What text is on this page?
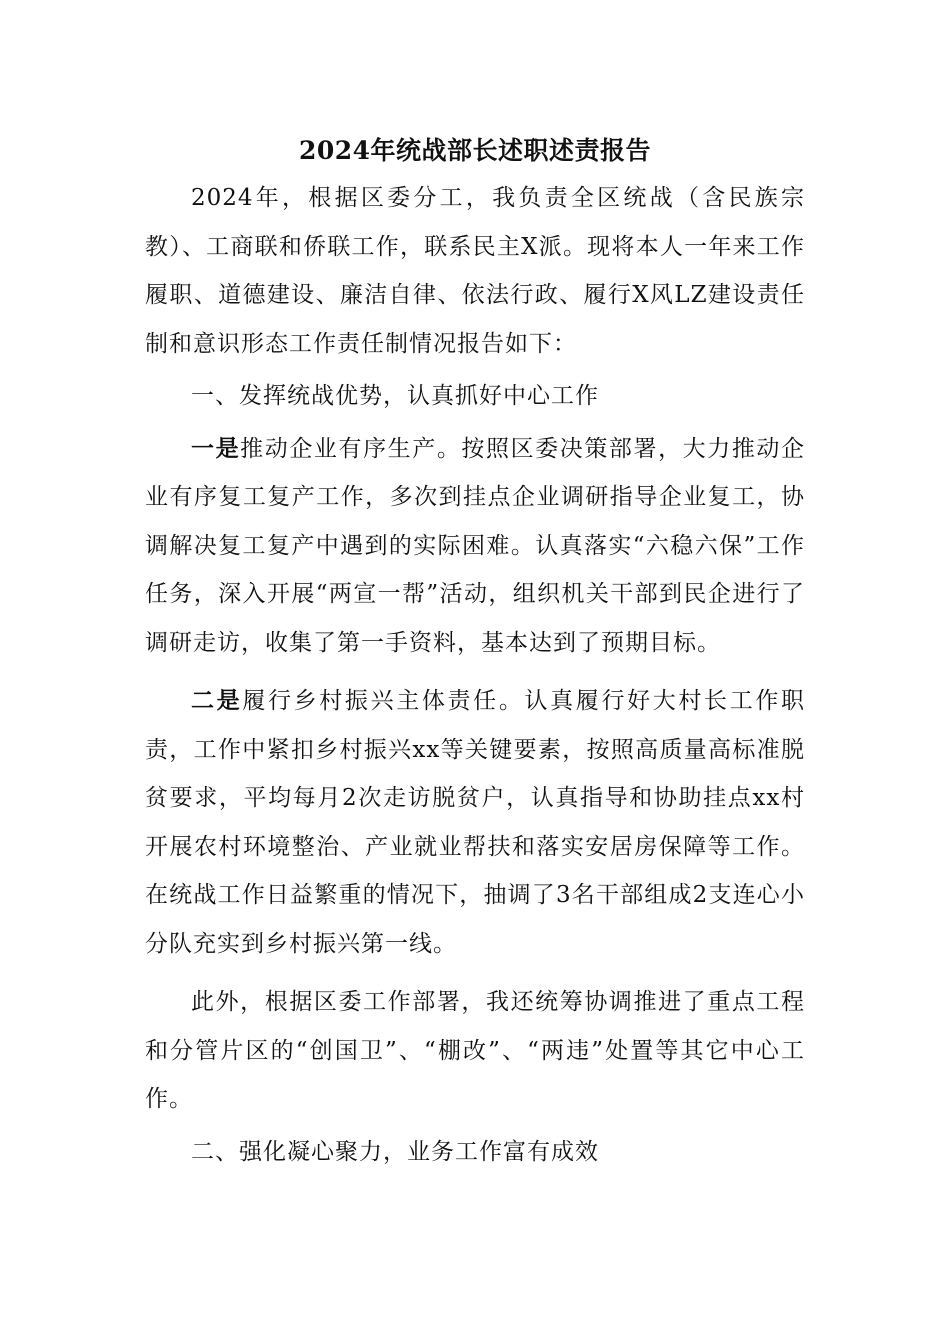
2024年统战部长述职述责报告

2024年，根据区委分工，我负责全区统战（含民族宗教）、工商联和侨联工作，联系民主X派。现将本人一年来工作履职、道德建设、廉洁自律、依法行政、履行X风LZ建设责任制和意识形态工作责任制情况报告如下：

一、发挥统战优势，认真抓好中心工作

一是推动企业有序生产。按照区委决策部署，大力推动企业有序复工复产工作，多次到挂点企业调研指导企业复工，协调解决复工复产中遇到的实际困难。认真落实“六稳六保”工作任务，深入开展“两宣一帮”活动，组织机关干部到民企进行了调研走访，收集了第一手资料，基本达到了预期目标。

二是履行乡村振兴主体责任。认真履行好大村长工作职责，工作中紧扣乡村振兴xx等关键要素，按照高质量高标准脱贫要求，平均每月2次走访脱贫户，认真指导和协助挂点xx村开展农村环境整治、产业就业帮扶和落实安居房保障等工作。在统战工作日益繁重的情况下，抽调了3名干部组成2支连心小分队充实到乡村振兴第一线。

此外，根据区委工作部署，我还统筹协调推进了重点工程和分管片区的“创国卫”、“棚改”、“两违”处置等其它中心工作。

二、强化凝心聚力，业务工作富有成效
